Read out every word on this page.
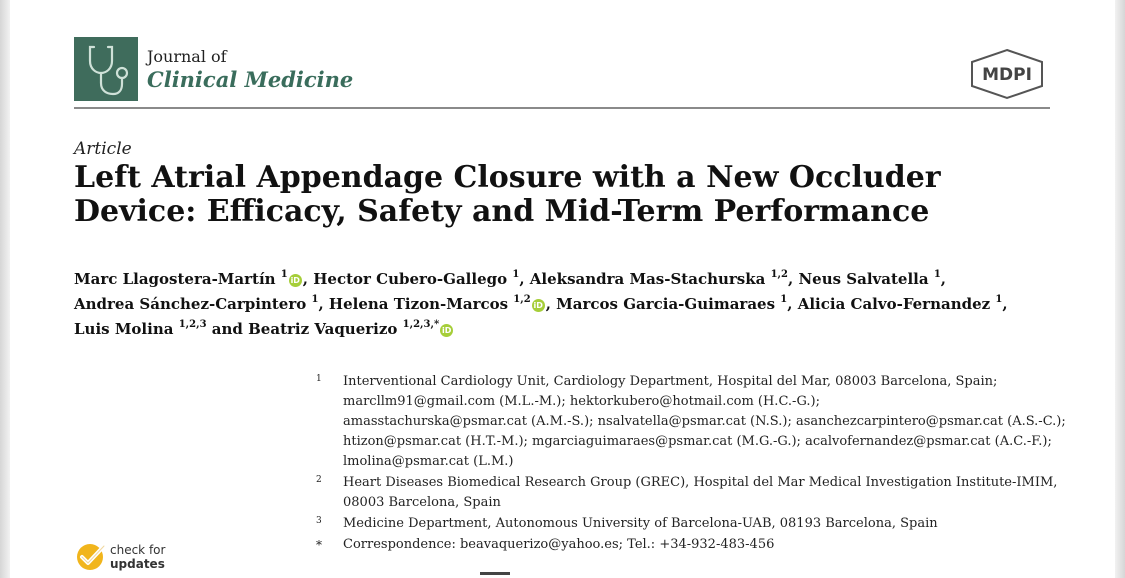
Journal of
Clinical Medicine	MDPI
Article
Left Atrial Appendage Closure with a New Occluder Device: Efficacy, Safety and Mid-Term Performance
Marc Llagostera-Martín $^1$iD , Hector Cubero-Gallego $^1$, Aleksandra Mas-Stachurska $^{1,2}$, Neus Salvatella $^1$,
Andrea Sánchez-Carpintero $^1$, Helena Tizon-Marcos $^{1,2}$iD , Marcos Garcia-Guimaraes $^1$, Alicia Calvo-Fernandez $^1$,
Luis Molina $^{1,2,3}$ and Beatriz Vaquerizo $^{1,2,3,*}$iD
1 Interventional Cardiology Unit, Cardiology Department, Hospital del Mar, 08003 Barcelona, Spain;
marcllm91@gmail.com (M.L.-M.); hektorkubero@hotmail.com (H.C.-G.);
amasstachurska@psmar.cat (A.M.-S.); nsalvatella@psmar.cat (N.S.); asanchezcarpintero@psmar.cat (A.S.-C.);
htizon@psmar.cat (H.T.-M.); mgarciaguimaraes@psmar.cat (M.G.-G.); acalvofernandez@psmar.cat (A.C.-F.);
lmolina@psmar.cat (L.M.)
2 Heart Diseases Biomedical Research Group (GREC), Hospital del Mar Medical Investigation Institute-IMIM,
08003 Barcelona, Spain
3 Medicine Department, Autonomous University of Barcelona-UAB, 08193 Barcelona, Spain
* Correspondence: beavaquerizo@yahoo.es; Tel.: +34-932-483-456
check for
updates
